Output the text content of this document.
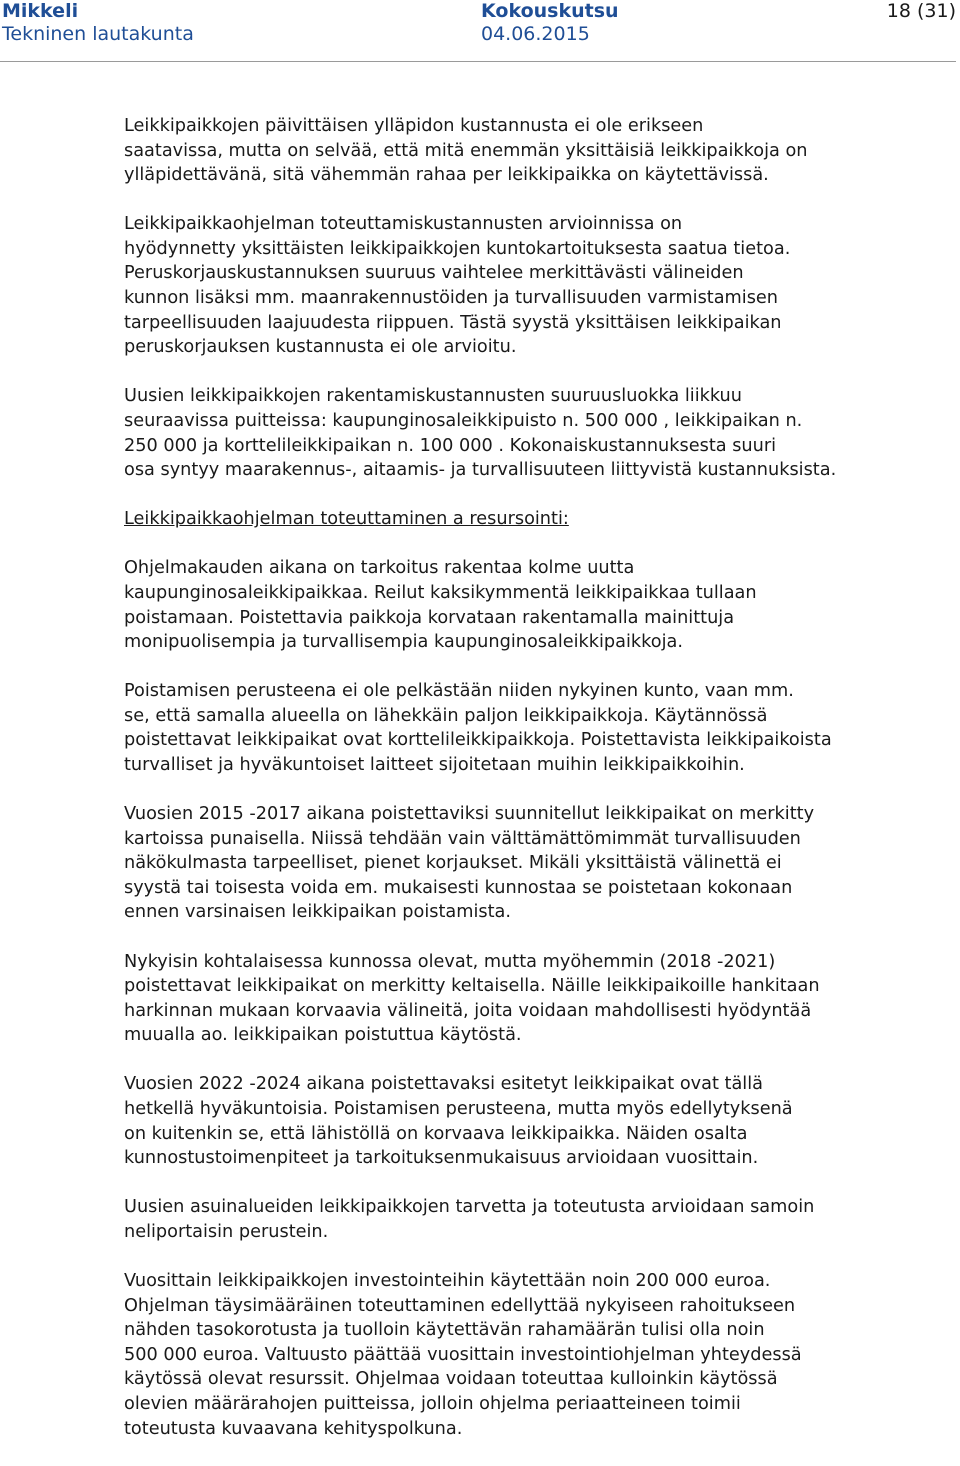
Mikkeli
Tekninen lautakunta
Kokouskutsu
04.06.2015
18 (31)

Leikkipaikkojen päivittäisen ylläpidon kustannusta ei ole erikseen
saatavissa, mutta on selvää, että mitä enemmän yksittäisiä leikkipaikkoja on
ylläpidettävänä, sitä vähemmän rahaa per leikkipaikka on käytettävissä.

Leikkipaikkaohjelman toteuttamiskustannusten arvioinnissa on
hyödynnetty yksittäisten leikkipaikkojen kuntokartoituksesta saatua tietoa.
Peruskorjauskustannuksen suuruus vaihtelee merkittävästi välineiden
kunnon lisäksi mm. maanrakennustöiden ja turvallisuuden varmistamisen
tarpeellisuuden laajuudesta riippuen. Tästä syystä yksittäisen leikkipaikan
peruskorjauksen kustannusta ei ole arvioitu.

Uusien leikkipaikkojen rakentamiskustannusten suuruusluokka liikkuu
seuraavissa puitteissa: kaupunginosaleikkipuisto n. 500 000 , leikkipaikan n.
250 000 ja korttelileikkipaikan n. 100 000 . Kokonaiskustannuksesta suuri
osa syntyy maarakennus-, aitaamis- ja turvallisuuteen liittyvistä kustannuksista.

Leikkipaikkaohjelman toteuttaminen a resursointi:

Ohjelmakauden aikana on tarkoitus rakentaa kolme uutta
kaupunginosaleikkipaikkaa. Reilut kaksikymmentä leikkipaikkaa tullaan
poistamaan. Poistettavia paikkoja korvataan rakentamalla mainittuja
monipuolisempia ja turvallisempia kaupunginosaleikkipaikkoja.

Poistamisen perusteena ei ole pelkästään niiden nykyinen kunto, vaan mm.
se, että samalla alueella on lähekkäin paljon leikkipaikkoja. Käytännössä
poistettavat leikkipaikat ovat korttelileikkipaikkoja. Poistettavista leikkipaikoista
turvalliset ja hyväkuntoiset laitteet sijoitetaan muihin leikkipaikkoihin.

Vuosien 2015 -2017 aikana poistettaviksi suunnitellut leikkipaikat on merkitty
kartoissa punaisella. Niissä tehdään vain välttämättömimmät turvallisuuden
näkökulmasta tarpeelliset, pienet korjaukset. Mikäli yksittäistä välinettä ei
syystä tai toisesta voida em. mukaisesti kunnostaa se poistetaan kokonaan
ennen varsinaisen leikkipaikan poistamista.

Nykyisin kohtalaisessa kunnossa olevat, mutta myöhemmin (2018 -2021)
poistettavat leikkipaikat on merkitty keltaisella. Näille leikkipaikoille hankitaan
harkinnan mukaan korvaavia välineitä, joita voidaan mahdollisesti hyödyntää
muualla ao. leikkipaikan poistuttua käytöstä.

Vuosien 2022 -2024 aikana poistettavaksi esitetyt leikkipaikat ovat tällä
hetkellä hyväkuntoisia. Poistamisen perusteena, mutta myös edellytyksenä
on kuitenkin se, että lähistöllä on korvaava leikkipaikka. Näiden osalta
kunnostustoimenpiteet ja tarkoituksenmukaisuus arvioidaan vuosittain.

Uusien asuinalueiden leikkipaikkojen tarvetta ja toteutusta arvioidaan samoin
neliportaisin perustein.

Vuosittain leikkipaikkojen investointeihin käytettään noin 200 000 euroa.
Ohjelman täysimääräinen toteuttaminen edellyttää nykyiseen rahoitukseen
nähden tasokorotusta ja tuolloin käytettävän rahamäärän tulisi olla noin
500 000 euroa. Valtuusto päättää vuosittain investointiohjelman yhteydessä
käytössä olevat resurssit. Ohjelmaa voidaan toteuttaa kulloinkin käytössä
olevien määrärahojen puitteissa, jolloin ohjelma periaatteineen toimii
toteutusta kuvaavana kehityspolkuna.
